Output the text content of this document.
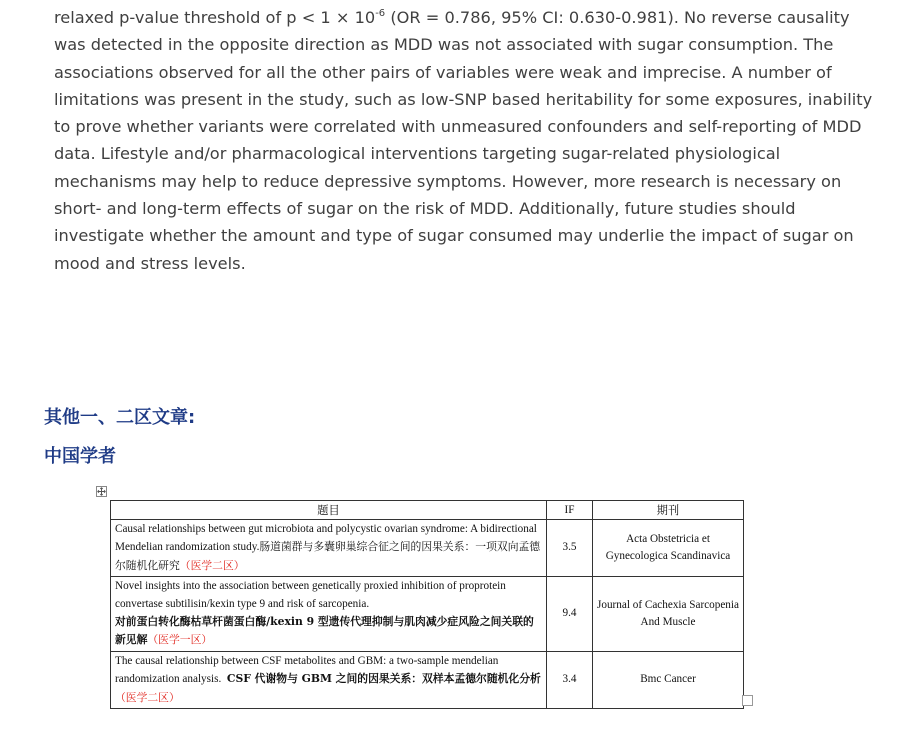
relaxed p-value threshold of $p < 1 \times 10^{-6}$ (OR = 0.786, 95% CI: 0.630-0.981). No reverse causality was detected in the opposite direction as MDD was not associated with sugar consumption. The associations observed for all the other pairs of variables were weak and imprecise. A number of limitations was present in the study, such as low-SNP based heritability for some exposures, inability to prove whether variants were correlated with unmeasured confounders and self-reporting of MDD data. Lifestyle and/or pharmacological interventions targeting sugar-related physiological mechanisms may help to reduce depressive symptoms. However, more research is necessary on short- and long-term effects of sugar on the risk of MDD. Additionally, future studies should investigate whether the amount and type of sugar consumed may underlie the impact of sugar on mood and stress levels.

其他一、二区文章:
中国学者
题目	IF	期刊
Causal relationships between gut microbiota and polycystic ovarian syndrome: A bidirectional Mendelian randomization study.肠道菌群与多囊卵巢综合征之间的因果关系：一项双向孟德尔随机化研究（医学二区）	3.5	Acta Obstetricia et Gynecologica Scandinavica
Novel insights into the association between genetically proxied inhibition of proprotein convertase subtilisin/kexin type 9 and risk of sarcopenia.
对前蛋白转化酶枯草杆菌蛋白酶/kexin 9 型遗传代理抑制与肌肉减少症风险之间关联的新见解（医学一区）	9.4	Journal of Cachexia Sarcopenia And Muscle
The causal relationship between CSF metabolites and GBM: a two-sample mendelian randomization analysis. CSF 代谢物与 GBM 之间的因果关系：双样本孟德尔随机化分析（医学二区）	3.4	Bmc Cancer
